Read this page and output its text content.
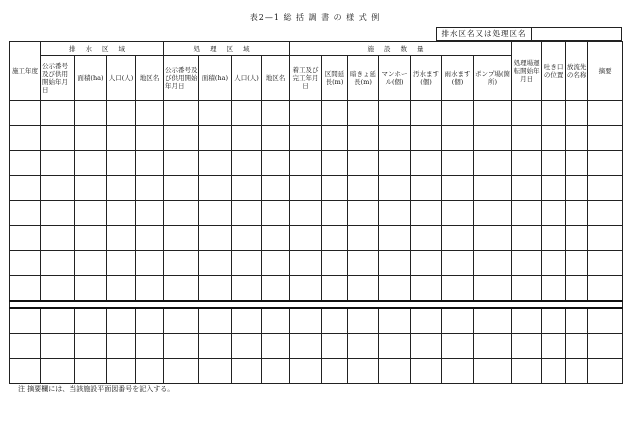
表2—1 総 括 調 書 の 様 式 例
排水区名又は処理区名
施工年度	排水区域				処理区域				施設数量							処理場運転開始年月日	吐き口の位置	放流先の名称	摘要
	公示番号及び供用開始年月日	面積(ha)	人口(人)	地区名	公示番号及び供用開始年月日	面積(ha)	人口(人)	地区名	着工及び完工年月日	区間延長(m)	暗きょ延長(m)	マンホール(個)	汚水ます(個)	雨水ます(個)	ポンプ場(箇所)				

注 摘要欄には、当該施設平面図番号を記入する。
